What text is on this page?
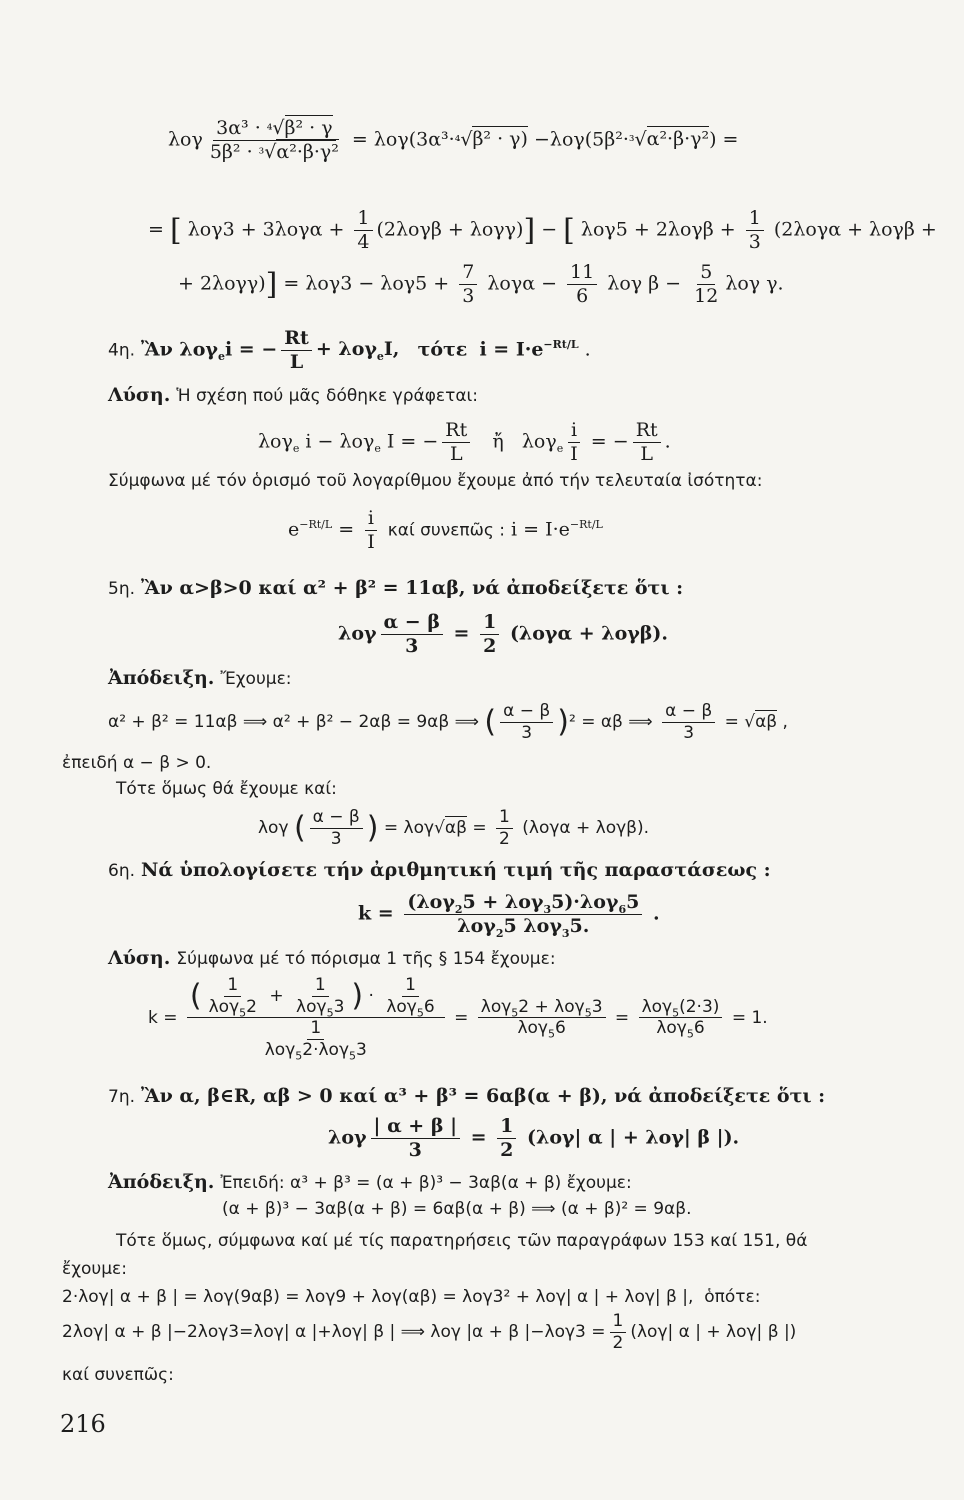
λογ $\frac{\text{3α³ · ⁴√β² · γ}}{\text{5β² · ³√α²·β·γ²}} = \lambda o\gamma(3\alpha^3\cdot^4√\beta^2 \cdot \gamma) -\lambda o\gamma(5\beta^2\cdot^3√\alpha^2\cdot\beta\cdot\gamma^2)$ =
= [ $\lambda o\gamma 3 + 3\lambda o\gamma\alpha + \frac{1}{4} (2\lambda o\gamma\beta + \lambda o\gamma\gamma)$] − [ $\lambda o\gamma 5 + 2\lambda o\gamma\beta + \frac{1}{3} (2\lambda o\gamma\alpha + \lambda o\gamma\beta$ +
+ $2\lambda o\gamma\gamma)] = \lambda o\gamma 3 - \lambda o\gamma 5 + \frac{7}{3}$ $\lambda o\gamma\alpha - \frac{11}{6}$ λογ $\beta - \frac{5}{12}$ λογ γ.
4η. Ἂν λογ$_e$i = − $\frac{Rt}{L} + \lambda o\gamma_eI$, τότε $i = I\cdot e^{-Rt/L}$ .
Λύση. Ἡ σχέση πού μᾶς δόθηκε γράφεται:
λογ$_e$ i − λογ$_e$ I = − $\frac{Rt}{L}$ ἤ   $\lambda o\gamma_e \frac{i}{I}$ = − $\frac{Rt}{L}$ .
Σύμφωνα μέ τόν ὁρισμό τοῦ λογαρίθμου ἔχουμε ἀπό τήν τελευταία ἰσότητα:
$e^{-Rt/L} = \frac{i}{I}$ καί συνεπῶς : $i = I\cdot e^{-Rt/L}$
5η. Ἂν α>β>0 καί α² + β² = 11αβ, νά ἀποδείξετε ὅτι :
λογ $\frac{\alpha - \beta}{3} = \frac{1}{2} (\lambda o\gamma\alpha + \lambda o\gamma\beta)$.
Ἀπόδειξη. Ἔχουμε:
α² + β² = 11αβ ⟹ α² + β² − 2αβ = 9αβ ⟹ ( $\frac{\alpha - \beta}{3} )^2 = \alpha\beta$ ⟹ $\frac{\alpha - \beta}{3} = √\alpha\beta$ ,
ἐπειδή α − β > 0.
Τότε ὅμως θά ἔχουμε καί:
λογ ( $\frac{\alpha - \beta}{3}$ ) = $\lambda o\gamma√\alpha\beta = \frac{1}{2} (\lambda o\gamma\alpha + \lambda o\gamma\beta)$.
6η. Νά ὑπολογίσετε τήν ἀριθμητική τιμή τῆς παραστάσεως :
$k = \frac{(\lambda o\gamma_25 + \lambda o\gamma_35)\cdot\lambda o\gamma_65}{\lambda o\gamma_25 \lambda o\gamma_35.}$ .
Λύση. Σύμφωνα μέ τό πόρισμα 1 τῆς § 154 ἔχουμε:
$k = \frac{( \frac{1}{\lambda o\gamma_52} + \frac{1}{\lambda o\gamma_53} ) \cdot \frac{1}{\lambda o\gamma_56}}{\frac{1}{\lambda o\gamma_52\cdot\lambda o\gamma_53}} = \frac{\lambda o\gamma_52 + \lambda o\gamma_53}{\lambda o\gamma_56} = \frac{\lambda o\gamma_5(2\cdot 3)}{\lambda o\gamma_56} = 1$.
7η. Ἂν α, β∈R, αβ > 0 καί α³ + β³ = 6αβ(α + β), νά ἀποδείξετε ὅτι :
λογ $\frac{| \alpha + \beta |}{3} = \frac{1}{2} (\lambda o\gamma|$ α | + λογ| β |).
Ἀπόδειξη. Ἐπειδή: α³ + β³ = (α + β)³ − 3αβ(α + β) ἔχουμε:
(α + β)³ − 3αβ(α + β) = 6αβ(α + β) ⟹ (α + β)² = 9αβ.
Τότε ὅμως, σύμφωνα καί μέ τίς παρατηρήσεις τῶν παραγράφων 153 καί 151, θά
ἔχουμε:
2·λογ| α + β | = λογ(9αβ) = λογ9 + λογ(αβ) = λογ3² + λογ| α | + λογ| β |, ὁπότε:
2λογ| α + β |−2λογ3=λογ| α |+λογ| β | ⟹ λογ |α + β $|-\lambda o\gamma 3 = \frac{1}{2} (\lambda o\gamma|$ α | + λογ| β |)
καί συνεπῶς:
216
